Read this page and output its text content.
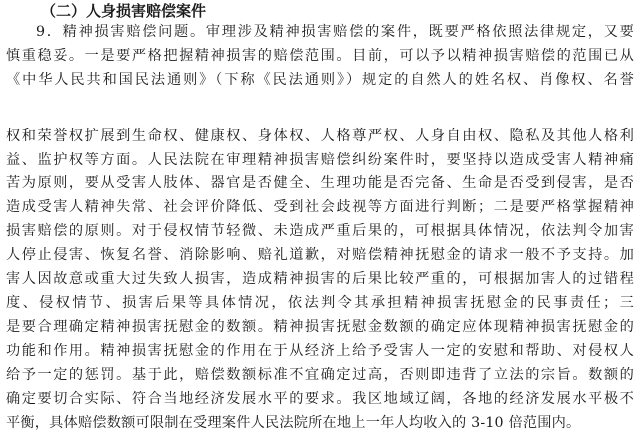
（二）人身损害赔偿案件
9．精神损害赔偿问题。审理涉及精神损害赔偿的案件，既要严格依照法律规定，又要
慎重稳妥。一是要严格把握精神损害的赔偿范围。目前，可以予以精神损害赔偿的范围已从
《中华人民共和国民法通则》（下称《民法通则》）规定的自然人的姓名权、肖像权、名誉
权和荣誉权扩展到生命权、健康权、身体权、人格尊严权、人身自由权、隐私及其他人格利
益、监护权等方面。人民法院在审理精神损害赔偿纠纷案件时，要坚持以造成受害人精神痛
苦为原则，要从受害人肢体、器官是否健全、生理功能是否完备、生命是否受到侵害，是否
造成受害人精神失常、社会评价降低、受到社会歧视等方面进行判断；二是要严格掌握精神
损害赔偿的原则。对于侵权情节轻微、未造成严重后果的，可根据具体情况，依法判令加害
人停止侵害、恢复名誉、消除影响、赔礼道歉，对赔偿精神抚慰金的请求一般不予支持。加
害人因故意或重大过失致人损害，造成精神损害的后果比较严重的，可根据加害人的过错程
度、侵权情节、损害后果等具体情况，依法判令其承担精神损害抚慰金的民事责任；三
是要合理确定精神损害抚慰金的数额。精神损害抚慰金数额的确定应体现精神损害抚慰金的
功能和作用。精神损害抚慰金的作用在于从经济上给予受害人一定的安慰和帮助、对侵权人
给予一定的惩罚。基于此，赔偿数额标准不宜确定过高，否则即违背了立法的宗旨。数额的
确定要切合实际、符合当地经济发展水平的要求。我区地域辽阔，各地的经济发展水平极不
平衡，具体赔偿数额可限制在受理案件人民法院所在地上一年人均收入的 3-10 倍范围内。
